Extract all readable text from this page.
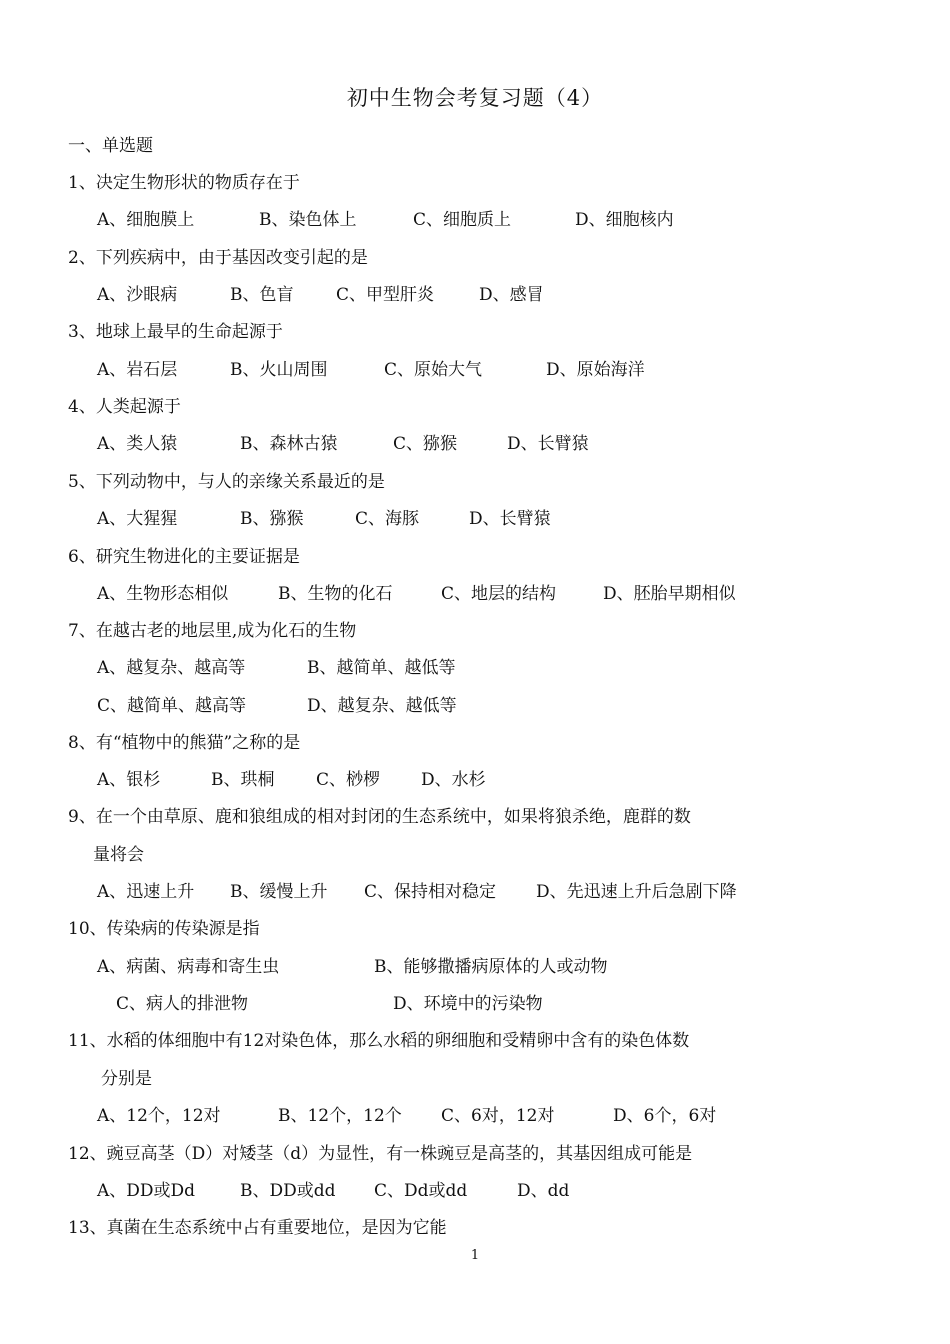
初中生物会考复习题（4）
一、单选题
1、决定生物形状的物质存在于
A、细胞膜上	B、染色体上	C、细胞质上	D、细胞核内
2、下列疾病中，由于基因改变引起的是
A、沙眼病	B、色盲	C、甲型肝炎	D、感冒
3、地球上最早的生命起源于
A、岩石层	B、火山周围	C、原始大气	D、原始海洋
4、人类起源于
A、类人猿	B、森林古猿	C、猕猴	D、长臂猿
5、下列动物中，与人的亲缘关系最近的是
A、大猩猩	B、猕猴	C、海豚	D、长臂猿
6、研究生物进化的主要证据是
A、生物形态相似	B、生物的化石	C、地层的结构	D、胚胎早期相似
7、在越古老的地层里,成为化石的生物
A、越复杂、越高等	B、越简单、越低等
C、越简单、越高等	D、越复杂、越低等
8、有“植物中的熊猫”之称的是
A、银杉	B、珙桐 C、桫椤 D、水杉
9、在一个由草原、鹿和狼组成的相对封闭的生态系统中，如果将狼杀绝，鹿群的数
量将会
A、迅速上升 B、缓慢上升 C、保持相对稳定 D、先迅速上升后急剧下降
10、传染病的传染源是指
A、病菌、病毒和寄生虫	B、能够撒播病原体的人或动物
C、病人的排泄物	D、环境中的污染物
11、水稻的体细胞中有12对染色体，那么水稻的卵细胞和受精卵中含有的染色体数
分别是
A、12个，12对	B、12个，12个 C、6对，12对	D、6个，6对
12、豌豆高茎（D）对矮茎（d）为显性，有一株豌豆是高茎的，其基因组成可能是
A、DD或Dd	B、DD或dd C、Dd或dd	D、dd
13、真菌在生态系统中占有重要地位，是因为它能
1
